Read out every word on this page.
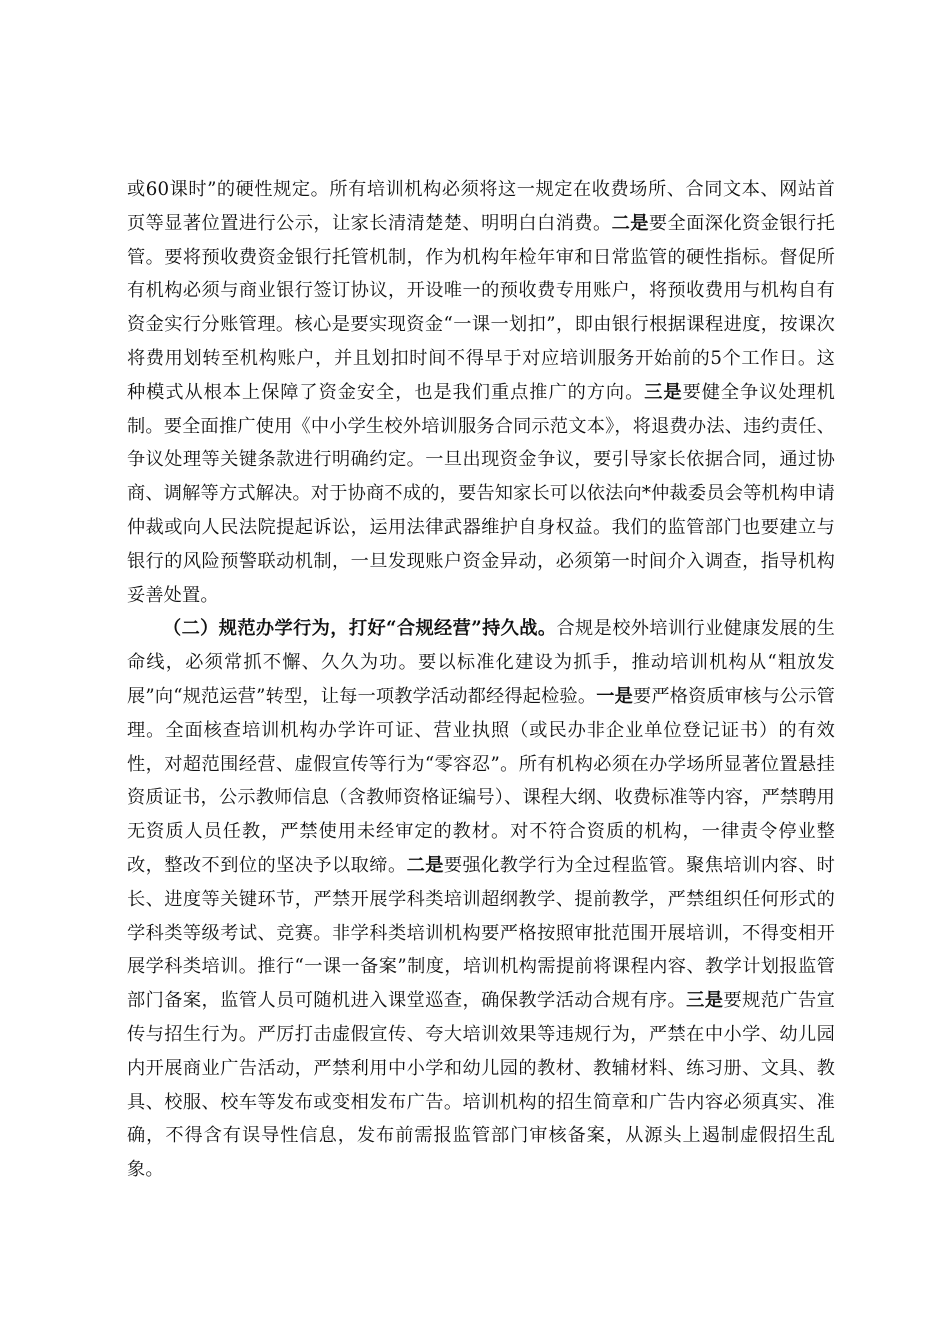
或60课时”的硬性规定。所有培训机构必须将这一规定在收费场所、合同文本、网站首页等显著位置进行公示，让家长清清楚楚、明明白白消费。二是要全面深化资金银行托管。要将预收费资金银行托管机制，作为机构年检年审和日常监管的硬性指标。督促所有机构必须与商业银行签订协议，开设唯一的预收费专用账户，将预收费用与机构自有资金实行分账管理。核心是要实现资金“一课一划扣”，即由银行根据课程进度，按课次将费用划转至机构账户，并且划扣时间不得早于对应培训服务开始前的5个工作日。这种模式从根本上保障了资金安全，也是我们重点推广的方向。三是要健全争议处理机制。要全面推广使用《中小学生校外培训服务合同示范文本》，将退费办法、违约责任、争议处理等关键条款进行明确约定。一旦出现资金争议，要引导家长依据合同，通过协商、调解等方式解决。对于协商不成的，要告知家长可以依法向*仲裁委员会等机构申请仲裁或向人民法院提起诉讼，运用法律武器维护自身权益。我们的监管部门也要建立与银行的风险预警联动机制，一旦发现账户资金异动，必须第一时间介入调查，指导机构妥善处置。

（二）规范办学行为，打好“合规经营”持久战。合规是校外培训行业健康发展的生命线，必须常抓不懈、久久为功。要以标准化建设为抓手，推动培训机构从“粗放发展”向“规范运营”转型，让每一项教学活动都经得起检验。一是要严格资质审核与公示管理。全面核查培训机构办学许可证、营业执照（或民办非企业单位登记证书）的有效性，对超范围经营、虚假宣传等行为“零容忍”。所有机构必须在办学场所显著位置悬挂资质证书，公示教师信息（含教师资格证编号）、课程大纲、收费标准等内容，严禁聘用无资质人员任教，严禁使用未经审定的教材。对不符合资质的机构，一律责令停业整改，整改不到位的坚决予以取缔。二是要强化教学行为全过程监管。聚焦培训内容、时长、进度等关键环节，严禁开展学科类培训超纲教学、提前教学，严禁组织任何形式的学科类等级考试、竞赛。非学科类培训机构要严格按照审批范围开展培训，不得变相开展学科类培训。推行“一课一备案”制度，培训机构需提前将课程内容、教学计划报监管部门备案，监管人员可随机进入课堂巡查，确保教学活动合规有序。三是要规范广告宣传与招生行为。严厉打击虚假宣传、夸大培训效果等违规行为，严禁在中小学、幼儿园内开展商业广告活动，严禁利用中小学和幼儿园的教材、教辅材料、练习册、文具、教具、校服、校车等发布或变相发布广告。培训机构的招生简章和广告内容必须真实、准确，不得含有误导性信息，发布前需报监管部门审核备案，从源头上遏制虚假招生乱象。
